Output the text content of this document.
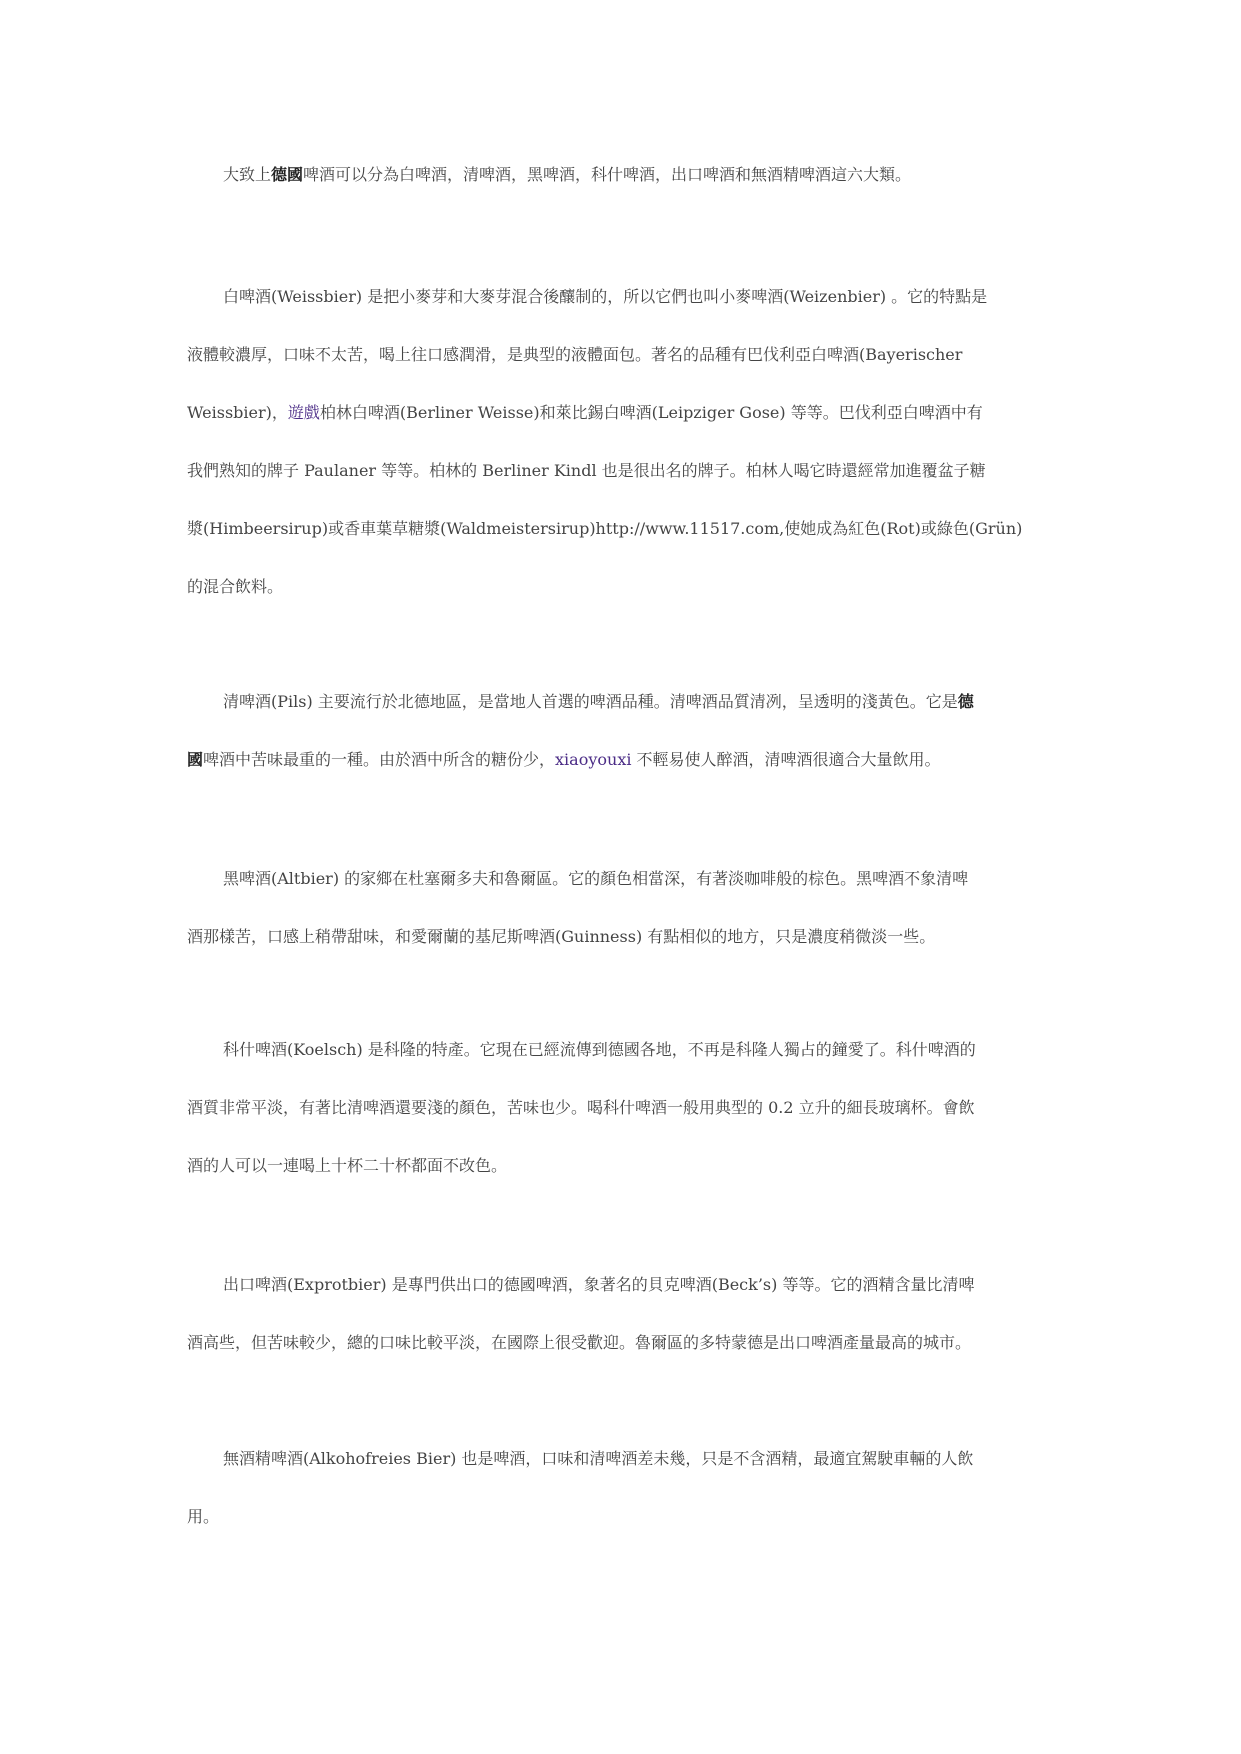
大致上德國啤酒可以分為白啤酒，清啤酒，黑啤酒，科什啤酒，出口啤酒和無酒精啤酒這六大類。
白啤酒(Weissbier) 是把小麥芽和大麥芽混合後釀制的，所以它們也叫小麥啤酒(Weizenbier) 。它的特點是
液體較濃厚，口味不太苦，喝上往口感潤滑，是典型的液體面包。著名的品種有巴伐利亞白啤酒(Bayerischer
Weissbier)，遊戲柏林白啤酒(Berliner Weisse)和萊比錫白啤酒(Leipziger Gose) 等等。巴伐利亞白啤酒中有
我們熟知的牌子 Paulaner 等等。柏林的 Berliner Kindl 也是很出名的牌子。柏林人喝它時還經常加進覆盆子糖
漿(Himbeersirup)或香車葉草糖漿(Waldmeistersirup)http://www.11517.com,使她成為紅色(Rot)或綠色(Grün)
的混合飲料。
清啤酒(Pils) 主要流行於北德地區，是當地人首選的啤酒品種。清啤酒品質清冽，呈透明的淺黃色。它是德
國啤酒中苦味最重的一種。由於酒中所含的糖份少，xiaoyouxi 不輕易使人醉酒，清啤酒很適合大量飲用。
黑啤酒(Altbier) 的家鄉在杜塞爾多夫和魯爾區。它的顏色相當深，有著淡咖啡般的棕色。黑啤酒不象清啤
酒那樣苦，口感上稍帶甜味，和愛爾蘭的基尼斯啤酒(Guinness) 有點相似的地方，只是濃度稍微淡一些。
科什啤酒(Koelsch) 是科隆的特產。它現在已經流傳到德國各地，不再是科隆人獨占的鐘愛了。科什啤酒的
酒質非常平淡，有著比清啤酒還要淺的顏色，苦味也少。喝科什啤酒一般用典型的 0.2 立升的細長玻璃杯。會飲
酒的人可以一連喝上十杯二十杯都面不改色。
出口啤酒(Exprotbier) 是專門供出口的德國啤酒，象著名的貝克啤酒(Beck’s) 等等。它的酒精含量比清啤
酒高些，但苦味較少，總的口味比較平淡，在國際上很受歡迎。魯爾區的多特蒙德是出口啤酒產量最高的城市。
無酒精啤酒(Alkohofreies Bier) 也是啤酒，口味和清啤酒差未幾，只是不含酒精，最適宜駕駛車輛的人飲
用。
